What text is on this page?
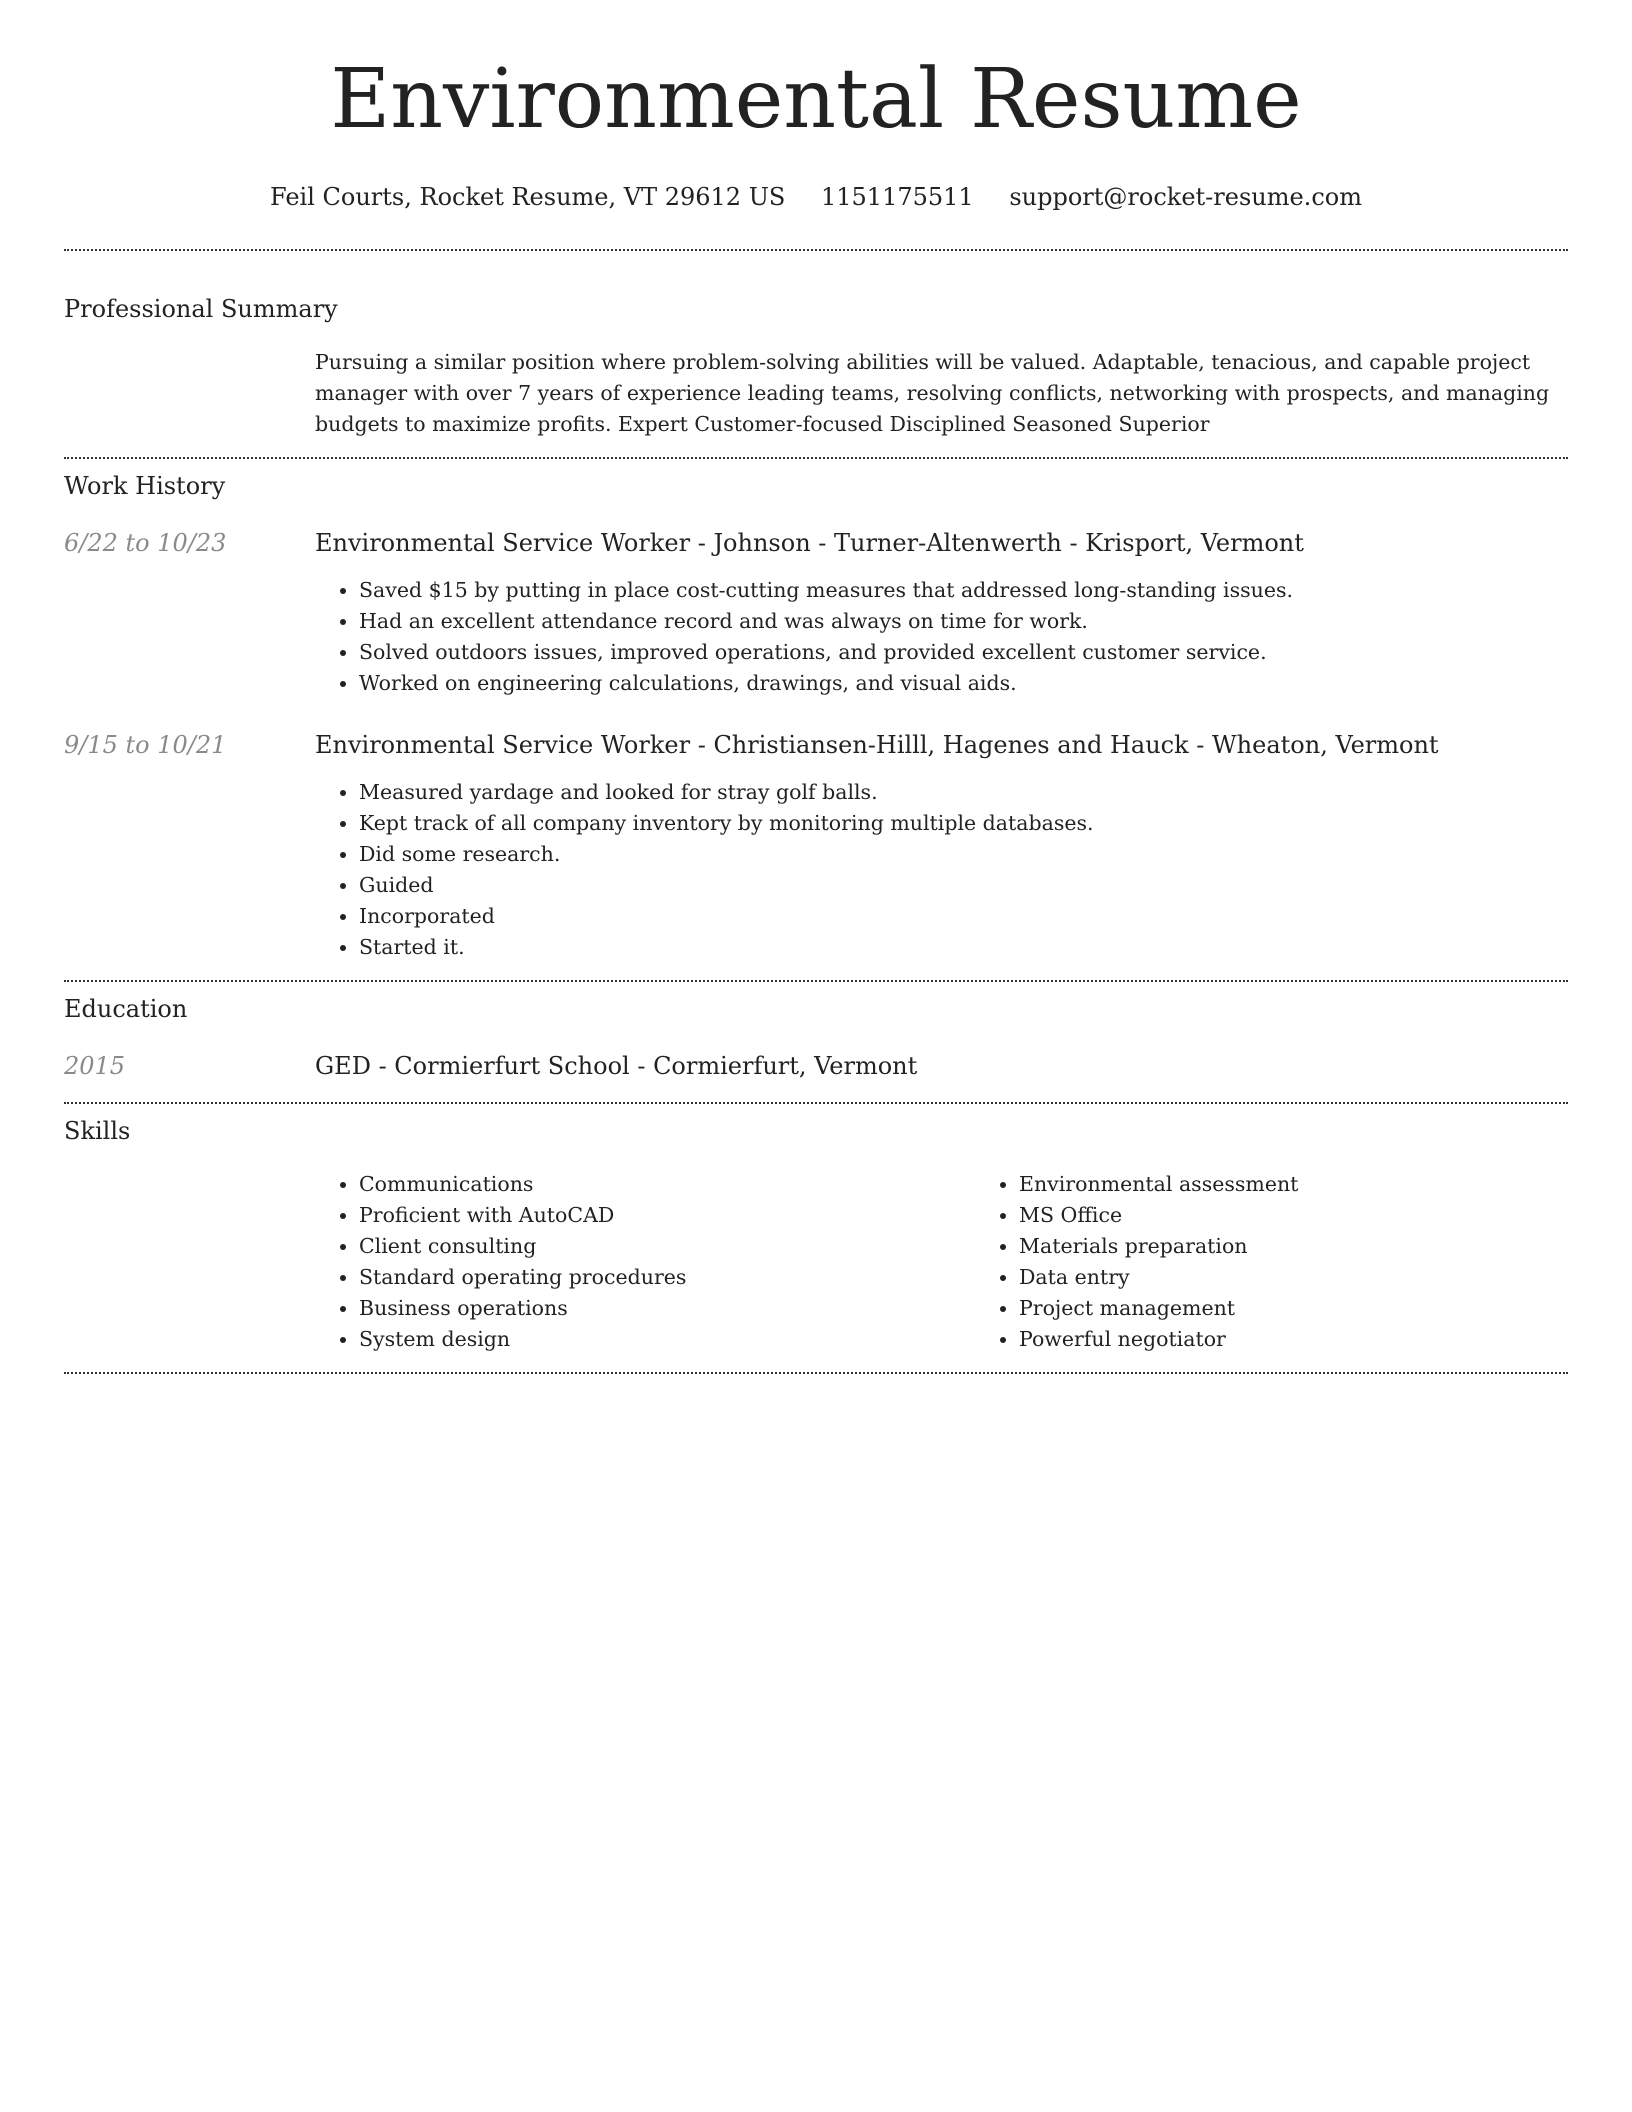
Environmental Resume
Feil Courts, Rocket Resume, VT 29612 US 1151175511 support@rocket-resume.com
Professional Summary

Pursuing a similar position where problem-solving abilities will be valued. Adaptable, tenacious, and capable project manager with over 7 years of experience leading teams, resolving conflicts, networking with prospects, and managing budgets to maximize profits. Expert Customer-focused Disciplined Seasoned Superior

Work History
6/22 to 10/23	Environmental Service Worker - Johnson - Turner-Altenwerth - Krisport, Vermont
• Saved $15 by putting in place cost-cutting measures that addressed long-standing issues.
• Had an excellent attendance record and was always on time for work.
• Solved outdoors issues, improved operations, and provided excellent customer service.
• Worked on engineering calculations, drawings, and visual aids.
9/15 to 10/21	Environmental Service Worker - Christiansen-Hilll, Hagenes and Hauck - Wheaton, Vermont
• Measured yardage and looked for stray golf balls.
• Kept track of all company inventory by monitoring multiple databases.
• Did some research.
• Guided
• Incorporated
• Started it.
Education
2015	GED - Cormierfurt School - Cormierfurt, Vermont
Skills
• Communications
• Proficient with AutoCAD
• Client consulting
• Standard operating procedures
• Business operations
• System design
• Environmental assessment
• MS Office
• Materials preparation
• Data entry
• Project management
• Powerful negotiator
